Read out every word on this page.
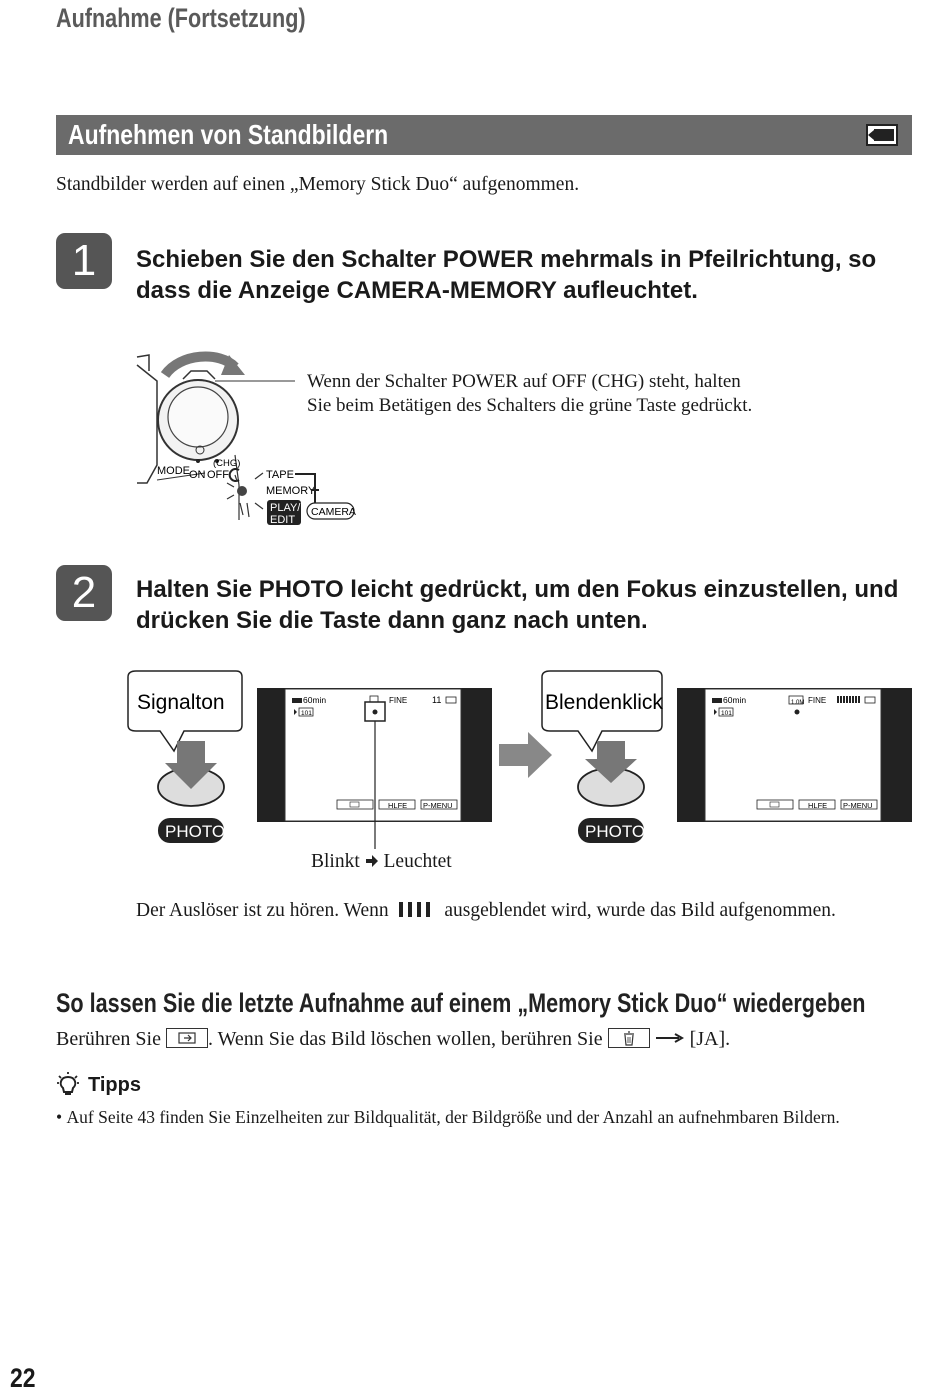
Aufnahme (Fortsetzung)
Aufnehmen von Standbildern
Standbilder werden auf einen „Memory Stick Duo“ aufgenommen.
1	Schieben Sie den Schalter POWER mehrmals in Pfeilrichtung, so dass die Anzeige CAMERA-MEMORY aufleuchtet.
MODE ON OFF
(CHG)
TAPE
MEMORY
PLAY/
EDIT
CAMERA
Wenn der Schalter POWER auf OFF (CHG) steht, halten Sie beim Betätigen des Schalters die grüne Taste gedrückt.
2	Halten Sie PHOTO leicht gedrückt, um den Fokus einzustellen, und drücken Sie die Taste dann ganz nach unten.
Signalton
PHOTO
60min
101
FINE	11
HLFE P-MENU
Blendenklick
PHOTO
60min
101
1.0M FINE
HLFE P-MENU
Blinkt Leuchtet
Der Auslöser ist zu hören. Wenn	ausgeblendet wird, wurde das Bild aufgenommen.
So lassen Sie die letzte Aufnahme auf einem „Memory Stick Duo“ wiedergeben
Berühren Sie . Wenn Sie das Bild löschen wollen, berühren Sie	[JA].
Tipps
• Auf Seite 43 finden Sie Einzelheiten zur Bildqualität, der Bildgröße und der Anzahl an aufnehmbaren Bildern.
22
